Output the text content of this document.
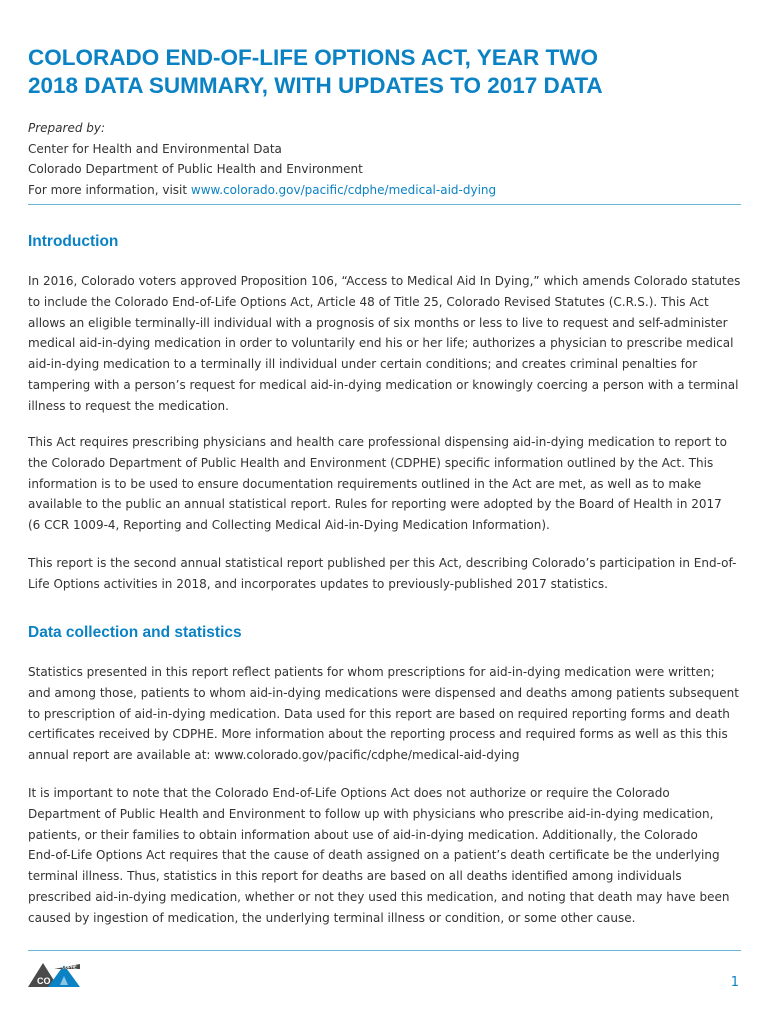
COLORADO END-OF-LIFE OPTIONS ACT, YEAR TWO
2018 DATA SUMMARY, WITH UPDATES TO 2017 DATA
Prepared by:
Center for Health and Environmental Data
Colorado Department of Public Health and Environment
For more information, visit www.colorado.gov/pacific/cdphe/medical-aid-dying
Introduction
In 2016, Colorado voters approved Proposition 106, “Access to Medical Aid In Dying,” which amends Colorado statutes
to include the Colorado End-of-Life Options Act, Article 48 of Title 25, Colorado Revised Statutes (C.R.S.). This Act
allows an eligible terminally-ill individual with a prognosis of six months or less to live to request and self-administer
medical aid-in-dying medication in order to voluntarily end his or her life; authorizes a physician to prescribe medical
aid-in-dying medication to a terminally ill individual under certain conditions; and creates criminal penalties for
tampering with a person’s request for medical aid-in-dying medication or knowingly coercing a person with a terminal
illness to request the medication.
This Act requires prescribing physicians and health care professional dispensing aid-in-dying medication to report to
the Colorado Department of Public Health and Environment (CDPHE) specific information outlined by the Act. This
information is to be used to ensure documentation requirements outlined in the Act are met, as well as to make
available to the public an annual statistical report. Rules for reporting were adopted by the Board of Health in 2017
(6 CCR 1009-4, Reporting and Collecting Medical Aid-in-Dying Medication Information).
This report is the second annual statistical report published per this Act, describing Colorado’s participation in End-of-
Life Options activities in 2018, and incorporates updates to previously-published 2017 statistics.
Data collection and statistics
Statistics presented in this report reflect patients for whom prescriptions for aid-in-dying medication were written;
and among those, patients to whom aid-in-dying medications were dispensed and deaths among patients subsequent
to prescription of aid-in-dying medication. Data used for this report are based on required reporting forms and death
certificates received by CDPHE. More information about the reporting process and required forms as well as this this
annual report are available at: www.colorado.gov/pacific/cdphe/medical-aid-dying
It is important to note that the Colorado End-of-Life Options Act does not authorize or require the Colorado
Department of Public Health and Environment to follow up with physicians who prescribe aid-in-dying medication,
patients, or their families to obtain information about use of aid-in-dying medication. Additionally, the Colorado
End-of-Life Options Act requires that the cause of death assigned on a patient’s death certificate be the underlying
terminal illness. Thus, statistics in this report for deaths are based on all deaths identified among individuals
prescribed aid-in-dying medication, whether or not they used this medication, and noting that death may have been
caused by ingestion of medication, the underlying terminal illness or condition, or some other cause.
CDPHE
CO	1
